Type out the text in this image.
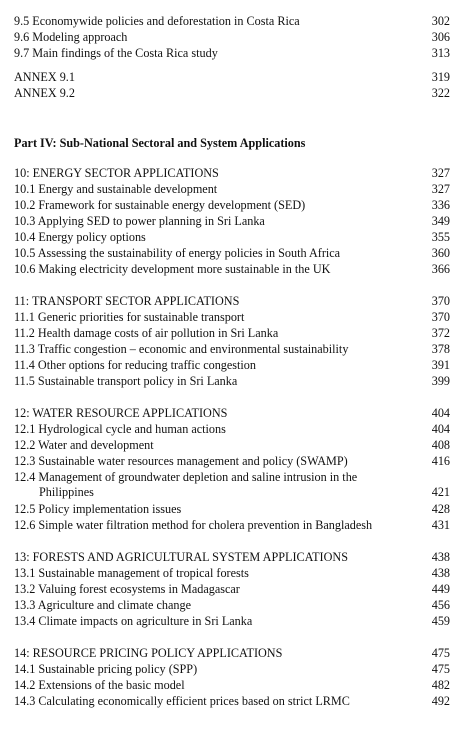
9.5 Economywide policies and deforestation in Costa Rica	302
9.6 Modeling approach	306
9.7 Main findings of the Costa Rica study	313
ANNEX 9.1	319
ANNEX 9.2	322
Part IV: Sub-National Sectoral and System Applications
10: ENERGY SECTOR APPLICATIONS	327
10.1 Energy and sustainable development	327
10.2 Framework for sustainable energy development (SED)	336
10.3 Applying SED to power planning in Sri Lanka	349
10.4 Energy policy options	355
10.5 Assessing the sustainability of energy policies in South Africa	360
10.6 Making electricity development more sustainable in the UK	366
11: TRANSPORT SECTOR APPLICATIONS	370
11.1 Generic priorities for sustainable transport	370
11.2 Health damage costs of air pollution in Sri Lanka	372
11.3 Traffic congestion – economic and environmental sustainability	378
11.4 Other options for reducing traffic congestion	391
11.5 Sustainable transport policy in Sri Lanka	399
12: WATER RESOURCE APPLICATIONS	404
12.1 Hydrological cycle and human actions	404
12.2 Water and development	408
12.3 Sustainable water resources management and policy (SWAMP)	416
12.4 Management of groundwater depletion and saline intrusion in the Philippines	421
12.5 Policy implementation issues	428
12.6 Simple water filtration method for cholera prevention in Bangladesh	431
13: FORESTS AND AGRICULTURAL SYSTEM APPLICATIONS	438
13.1 Sustainable management of tropical forests	438
13.2 Valuing forest ecosystems in Madagascar	449
13.3 Agriculture and climate change	456
13.4 Climate impacts on agriculture in Sri Lanka	459
14: RESOURCE PRICING POLICY APPLICATIONS	475
14.1 Sustainable pricing policy (SPP)	475
14.2 Extensions of the basic model	482
14.3 Calculating economically efficient prices based on strict LRMC	492
